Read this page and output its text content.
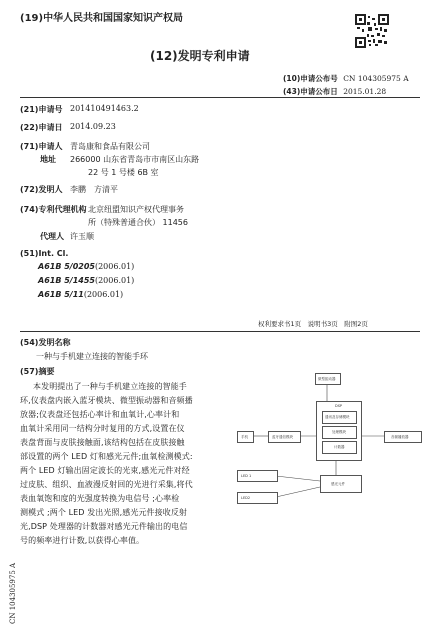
(19)中华人民共和国国家知识产权局
(12)发明专利申请
(10)申请公布号 CN 104305975 A
(43)申请公布日 2015.01.28
(21)申请号 201410491463.2
(22)申请日 2014.09.23
(71)申请人 青岛康和食品有限公司
地址 266000 山东省青岛市市南区山东路
22 号 1 号楼 6B 室
(72)发明人 李鹏　方清平
(74)专利代理机构 北京纽盟知识产权代理事务
所（特殊普通合伙） 11456
代理人 许玉顺
(51)Int. Cl.
A61B 5/0205(2006.01)
A61B 5/1455(2006.01)
A61B 5/11(2006.01)
权利要求书1页　说明书3页　附图2页
(54)发明名称
一种与手机建立连接的智能手环
(57)摘要
本发明提出了一种与手机建立连接的智能手
环,仪表盘内嵌入蓝牙模块、微型振动器和音频播
放器;仪表盘还包括心率计和血氧计,心率计和
血氧计采用同一结构分时复用的方式,设置在仪
表盘背面与皮肤接触面,该结构包括在皮肤接触
部设置的两个 LED 灯和感光元件;血氧检测模式:
两个 LED 灯输出固定波长的光束,感光元件对经
过皮肤、组织、血液漫反射回的光进行采集,将代
表血氧饱和度的光强度转换为电信号 ;心率检
测模式 ;两个 LED 发出光照,感光元件接收反射
光,DSP 处理器的计数器对感光元件输出的电信
号的频率进行计数,以获得心率值。
CN 104305975 A
微型振动器
DSP
通讯及存储模块
处理模块
计数器
手机	蓝牙通信模块	音频播放器
LED 1
LED2
感光元件
